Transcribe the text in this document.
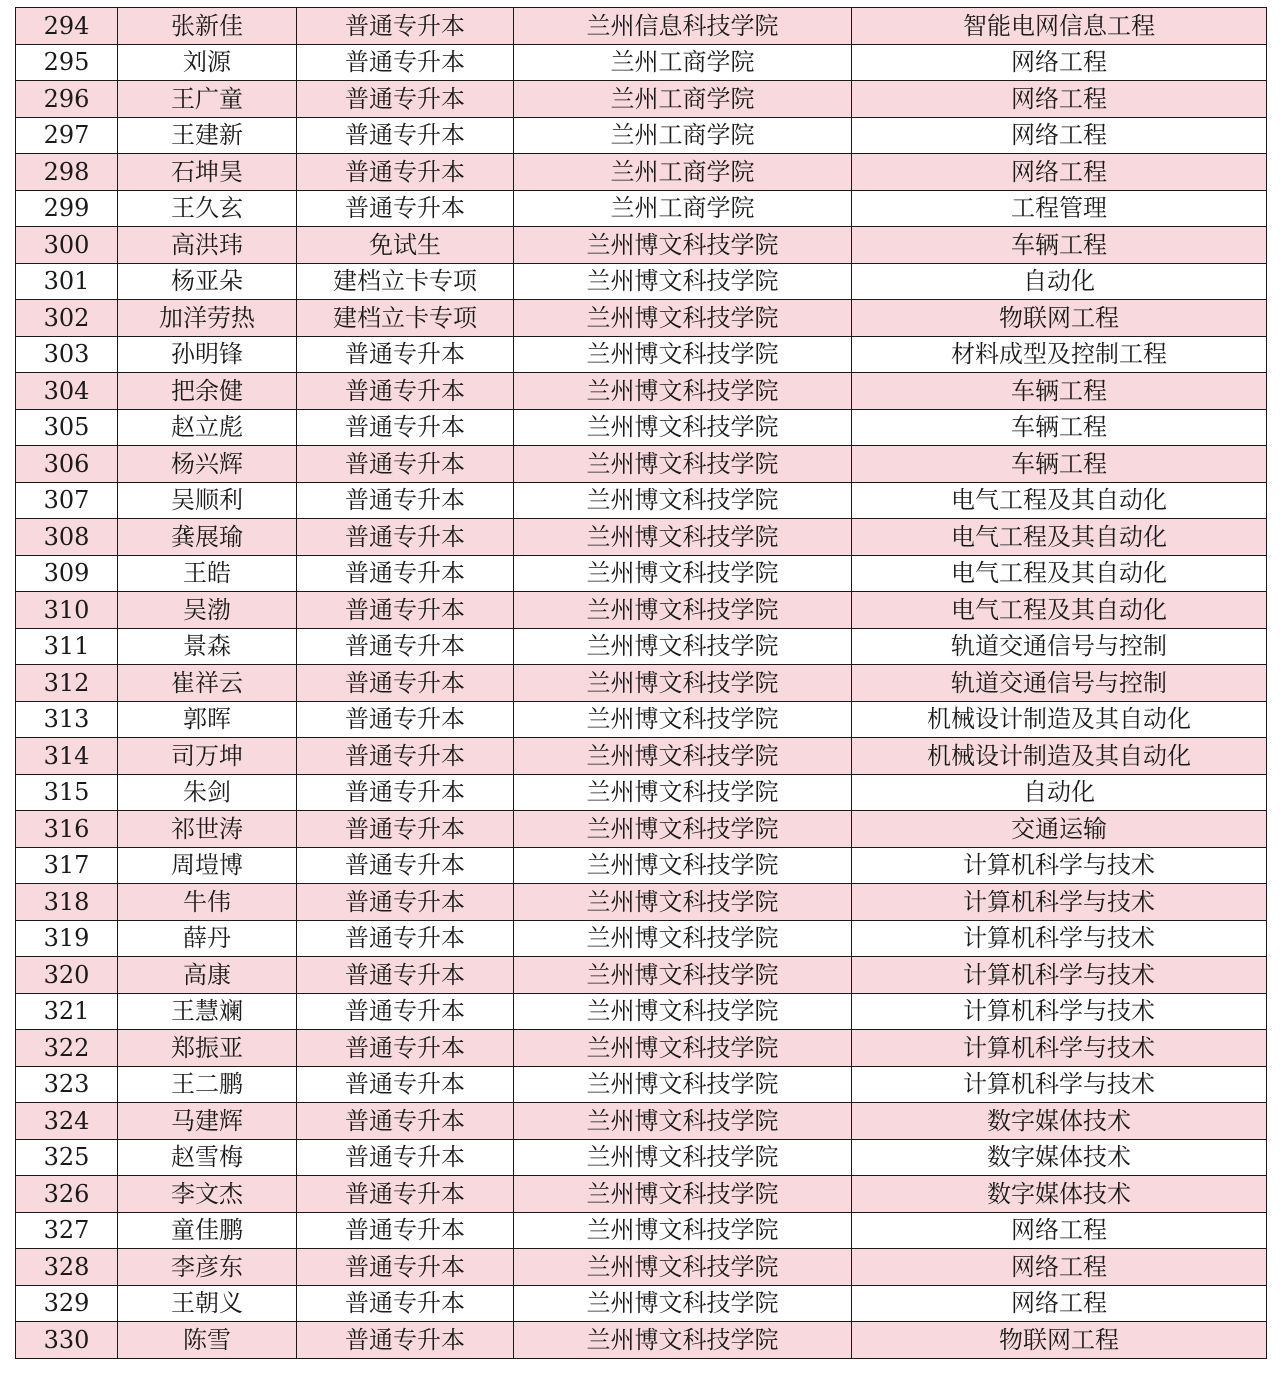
294	张新佳	普通专升本	兰州信息科技学院	智能电网信息工程
295	刘源	普通专升本	兰州工商学院	网络工程
296	王广童	普通专升本	兰州工商学院	网络工程
297	王建新	普通专升本	兰州工商学院	网络工程
298	石坤昊	普通专升本	兰州工商学院	网络工程
299	王久玄	普通专升本	兰州工商学院	工程管理
300	高洪玮	免试生	兰州博文科技学院	车辆工程
301	杨亚朵	建档立卡专项	兰州博文科技学院	自动化
302	加洋劳热	建档立卡专项	兰州博文科技学院	物联网工程
303	孙明锋	普通专升本	兰州博文科技学院	材料成型及控制工程
304	把余健	普通专升本	兰州博文科技学院	车辆工程
305	赵立彪	普通专升本	兰州博文科技学院	车辆工程
306	杨兴辉	普通专升本	兰州博文科技学院	车辆工程
307	吴顺利	普通专升本	兰州博文科技学院	电气工程及其自动化
308	龚展瑜	普通专升本	兰州博文科技学院	电气工程及其自动化
309	王皓	普通专升本	兰州博文科技学院	电气工程及其自动化
310	吴渤	普通专升本	兰州博文科技学院	电气工程及其自动化
311	景森	普通专升本	兰州博文科技学院	轨道交通信号与控制
312	崔祥云	普通专升本	兰州博文科技学院	轨道交通信号与控制
313	郭晖	普通专升本	兰州博文科技学院	机械设计制造及其自动化
314	司万坤	普通专升本	兰州博文科技学院	机械设计制造及其自动化
315	朱剑	普通专升本	兰州博文科技学院	自动化
316	祁世涛	普通专升本	兰州博文科技学院	交通运输
317	周塏博	普通专升本	兰州博文科技学院	计算机科学与技术
318	牛伟	普通专升本	兰州博文科技学院	计算机科学与技术
319	薛丹	普通专升本	兰州博文科技学院	计算机科学与技术
320	高康	普通专升本	兰州博文科技学院	计算机科学与技术
321	王慧斓	普通专升本	兰州博文科技学院	计算机科学与技术
322	郑振亚	普通专升本	兰州博文科技学院	计算机科学与技术
323	王二鹏	普通专升本	兰州博文科技学院	计算机科学与技术
324	马建辉	普通专升本	兰州博文科技学院	数字媒体技术
325	赵雪梅	普通专升本	兰州博文科技学院	数字媒体技术
326	李文杰	普通专升本	兰州博文科技学院	数字媒体技术
327	童佳鹏	普通专升本	兰州博文科技学院	网络工程
328	李彦东	普通专升本	兰州博文科技学院	网络工程
329	王朝义	普通专升本	兰州博文科技学院	网络工程
330	陈雪	普通专升本	兰州博文科技学院	物联网工程
